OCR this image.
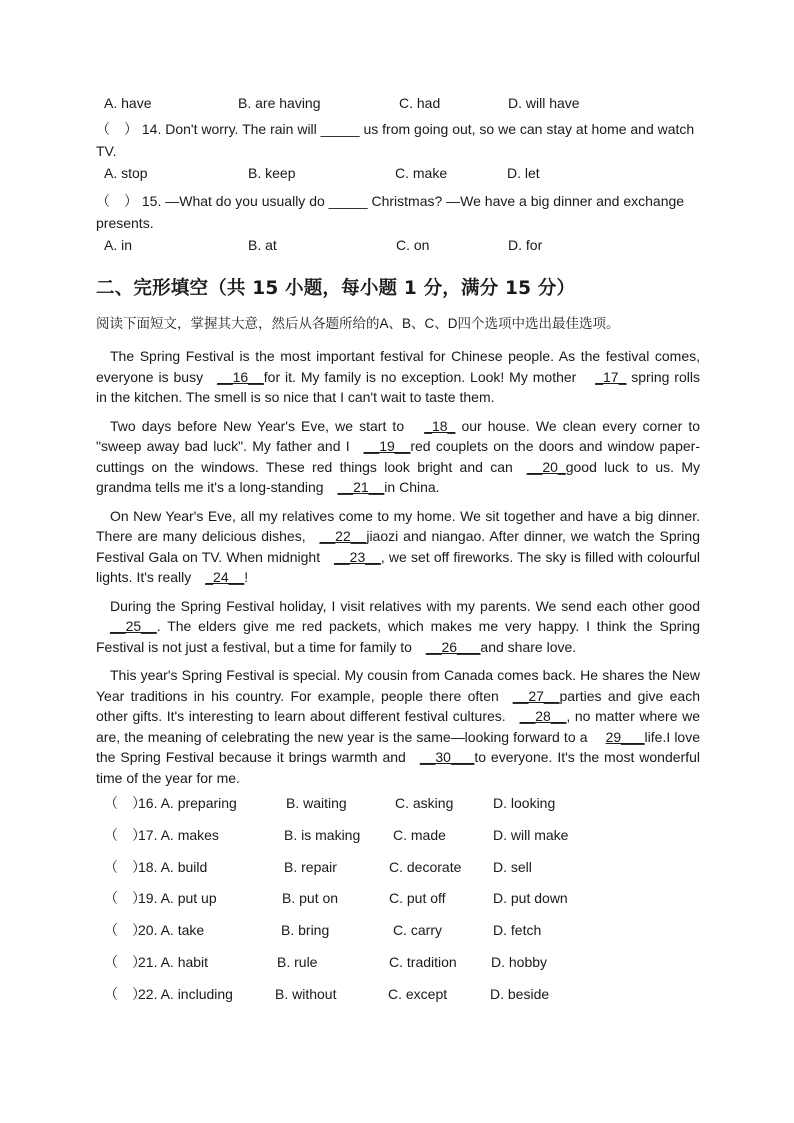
A. have	B. are having	C. had	D. will have
（　） 14. Don't worry. The rain will _____ us from going out, so we can stay at home and watch TV.
A. stop	B. keep	C. make	D. let
（　） 15. —What do you usually do _____ Christmas? —We have a big dinner and exchange presents.
A. in	B. at	C. on	D. for
二、完形填空（共 15 小题，每小题 1 分，满分 15 分）
阅读下面短文，掌握其大意，然后从各题所给的A、B、C、D四个选项中选出最佳选项。
The Spring Festival is the most important festival for Chinese people. As the festival comes, everyone is busy __16__for it. My family is no exception. Look! My mother _17_ spring rolls in the kitchen. The smell is so nice that I can't wait to taste them.
Two days before New Year's Eve, we start to _18_ our house. We clean every corner to "sweep away bad luck". My father and I __19__red couplets on the doors and window paper-cuttings on the windows. These red things look bright and can __20_good luck to us. My grandma tells me it's a long-standing __21__in China.
On New Year's Eve, all my relatives come to my home. We sit together and have a big dinner. There are many delicious dishes, __22__jiaozi and niangao. After dinner, we watch the Spring Festival Gala on TV. When midnight __23__, we set off fireworks. The sky is filled with colourful lights. It's really _24__!
During the Spring Festival holiday, I visit relatives with my parents. We send each other good__25__. The elders give me red packets, which makes me very happy. I think the Spring Festival is not just a festival, but a time for family to __26___and share love.
This year's Spring Festival is special. My cousin from Canada comes back. He shares the New Year traditions in his country. For example, people there often __27__parties and give each other gifts. It's interesting to learn about different festival cultures. __28__, no matter where we are, the meaning of celebrating the new year is the same—looking forward to a 29___life.I love the Spring Festival because it brings warmth and __30___to everyone. It's the most wonderful time of the year for me.
（　）
16. A. preparing	B. waiting	C. asking	D. looking
（　）
17. A. makes	B. is making C. made	D. will make
（　）
18. A. build	B. repair	C. decorate D. sell
（　）
19. A. put up	B. put on	C. put off	D. put down
（　）
20. A. take	B. bring	C. carry	D. fetch
（　）
21. A. habit	B. rule	C. tradition D. hobby
（　）
22. A. including	B. without	C. except	D. beside
